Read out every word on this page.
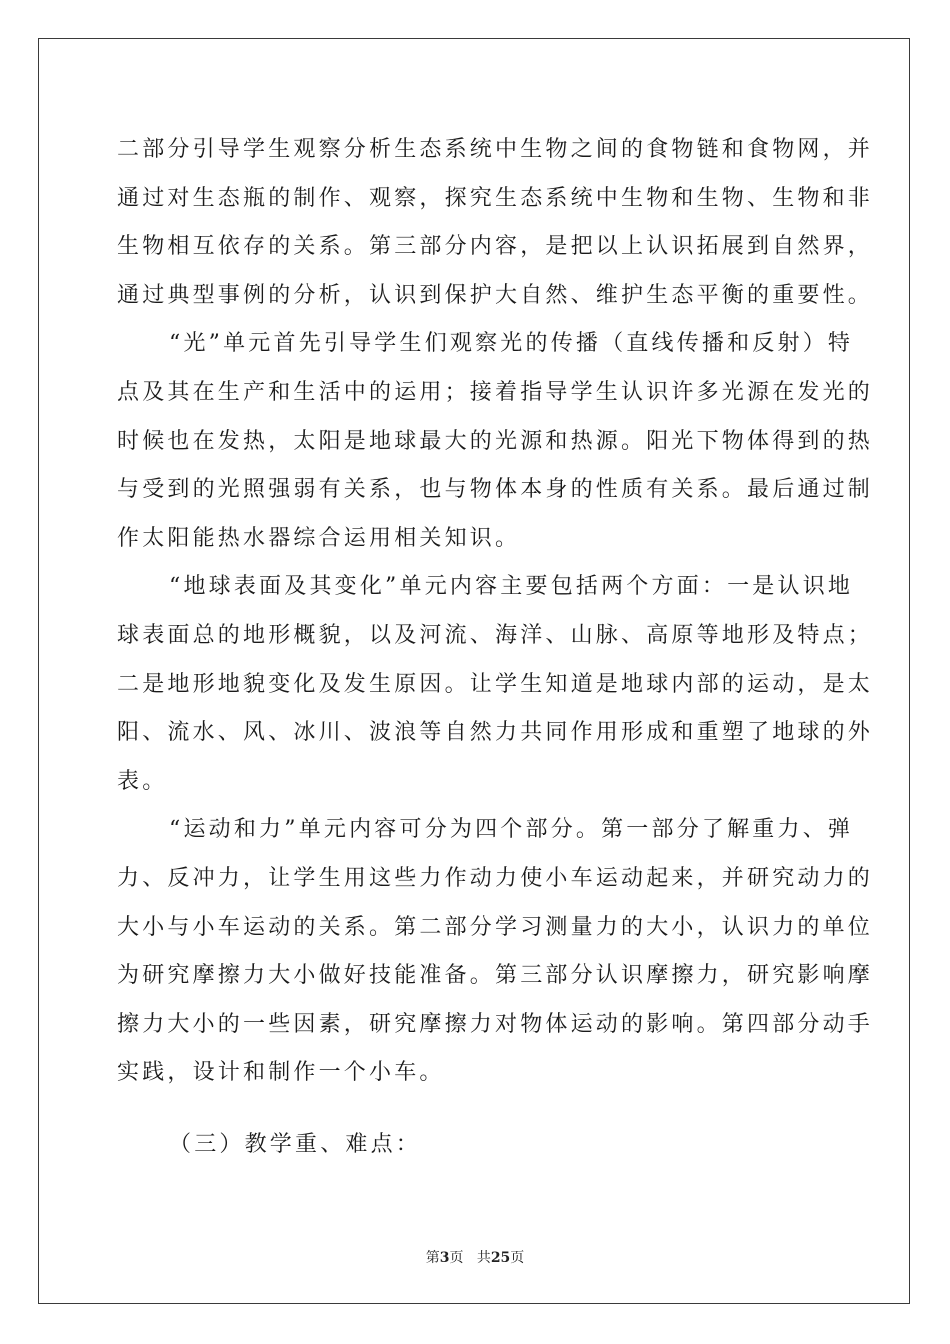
二部分引导学生观察分析生态系统中生物之间的食物链和食物网，并
通过对生态瓶的制作、观察，探究生态系统中生物和生物、生物和非
生物相互依存的关系。第三部分内容，是把以上认识拓展到自然界，
通过典型事例的分析，认识到保护大自然、维护生态平衡的重要性。
“光”单元首先引导学生们观察光的传播（直线传播和反射）特
点及其在生产和生活中的运用；接着指导学生认识许多光源在发光的
时候也在发热，太阳是地球最大的光源和热源。阳光下物体得到的热
与受到的光照强弱有关系，也与物体本身的性质有关系。最后通过制
作太阳能热水器综合运用相关知识。
“地球表面及其变化”单元内容主要包括两个方面：一是认识地
球表面总的地形概貌，以及河流、海洋、山脉、高原等地形及特点；
二是地形地貌变化及发生原因。让学生知道是地球内部的运动，是太
阳、流水、风、冰川、波浪等自然力共同作用形成和重塑了地球的外
表。
“运动和力”单元内容可分为四个部分。第一部分了解重力、弹
力、反冲力，让学生用这些力作动力使小车运动起来，并研究动力的
大小与小车运动的关系。第二部分学习测量力的大小，认识力的单位
为研究摩擦力大小做好技能准备。第三部分认识摩擦力，研究影响摩
擦力大小的一些因素，研究摩擦力对物体运动的影响。第四部分动手
实践，设计和制作一个小车。
（三）教学重、难点：
第3页 共25页
